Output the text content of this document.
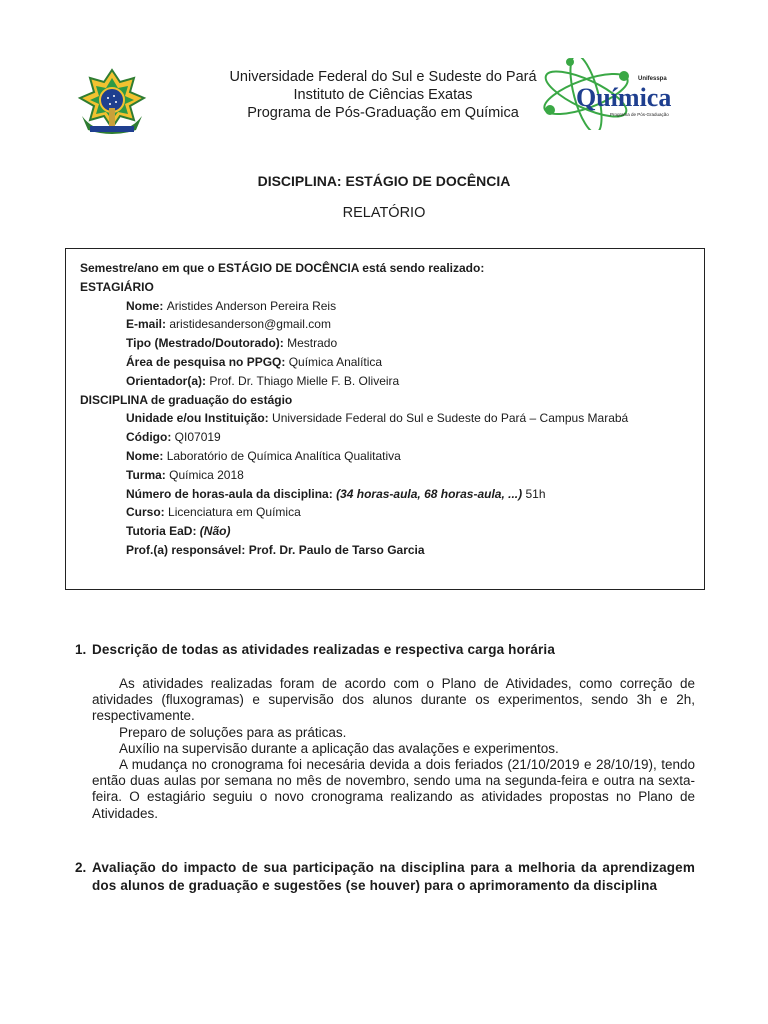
Universidade Federal do Sul e Sudeste do Pará
Instituto de Ciências Exatas
Programa de Pós-Graduação em Química
Unifesspa
Química
Programa de Pós-Graduação
DISCIPLINA: ESTÁGIO DE DOCÊNCIA
RELATÓRIO
Semestre/ano em que o ESTÁGIO DE DOCÊNCIA está sendo realizado:
ESTAGIÁRIO
Nome: Aristides Anderson Pereira Reis
E-mail: aristidesanderson@gmail.com
Tipo (Mestrado/Doutorado): Mestrado
Área de pesquisa no PPGQ: Química Analítica
Orientador(a): Prof. Dr. Thiago Mielle F. B. Oliveira
DISCIPLINA de graduação do estágio
Unidade e/ou Instituição: Universidade Federal do Sul e Sudeste do Pará – Campus Marabá
Código: QI07019
Nome: Laboratório de Química Analítica Qualitativa
Turma: Química 2018
Número de horas-aula da disciplina: (34 horas-aula, 68 horas-aula, ...) 51h
Curso: Licenciatura em Química
Tutoria EaD: (Não)
Prof.(a) responsável: Prof. Dr. Paulo de Tarso Garcia
1. Descrição de todas as atividades realizadas e respectiva carga horária

As atividades realizadas foram de acordo com o Plano de Atividades, como correção de atividades (fluxogramas) e supervisão dos alunos durante os experimentos, sendo 3h e 2h, respectivamente.

Preparo de soluções para as práticas.

Auxílio na supervisão durante a aplicação das avalações e experimentos.

A mudança no cronograma foi necesária devida a dois feriados (21/10/2019 e 28/10/19), tendo então duas aulas por semana no mês de novembro, sendo uma na segunda-feira e outra na sexta-feira. O estagiário seguiu o novo cronograma realizando as atividades propostas no Plano de Atividades.

2. Avaliação do impacto de sua participação na disciplina para a melhoria da aprendizagem dos alunos de graduação e sugestões (se houver) para o aprimoramento da disciplina
